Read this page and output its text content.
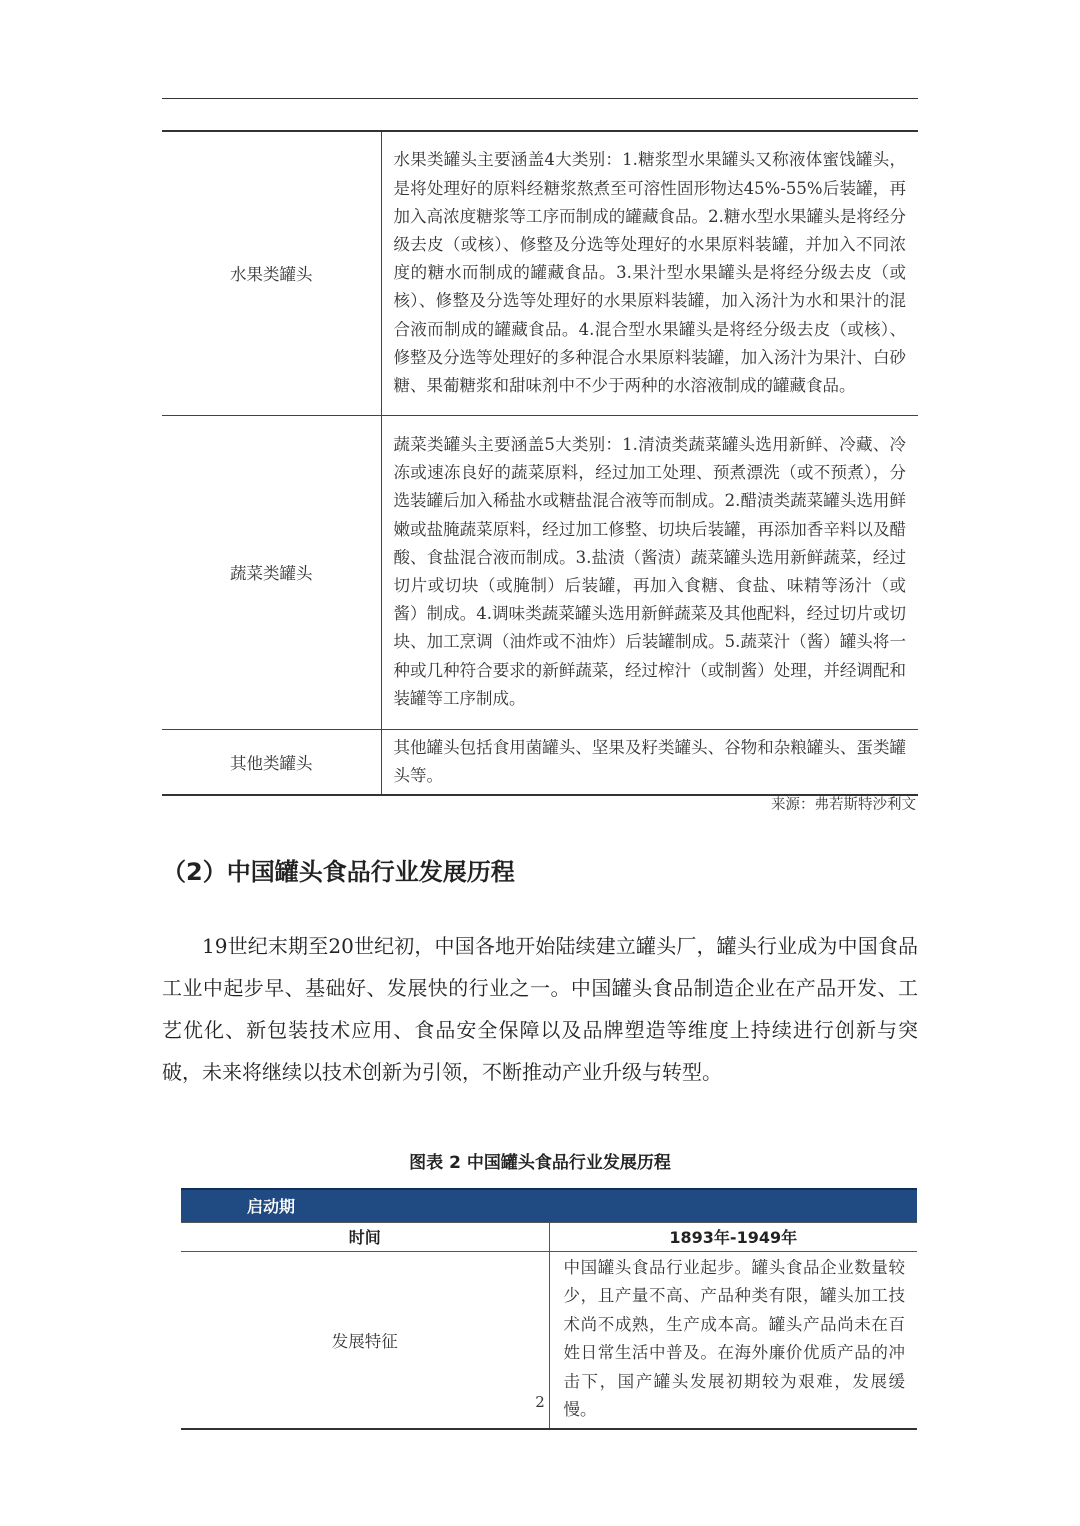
水果类罐头	水果类罐头主要涵盖4大类别：1.糖浆型水果罐头又称液体蜜饯罐头，是将处理好的原料经糖浆熬煮至可溶性固形物达45%-55%后装罐，再加入高浓度糖浆等工序而制成的罐藏食品。2.糖水型水果罐头是将经分级去皮（或核）、修整及分选等处理好的水果原料装罐，并加入不同浓度的糖水而制成的罐藏食品。3.果汁型水果罐头是将经分级去皮（或核）、修整及分选等处理好的水果原料装罐，加入汤汁为水和果汁的混合液而制成的罐藏食品。4.混合型水果罐头是将经分级去皮（或核）、修整及分选等处理好的多种混合水果原料装罐，加入汤汁为果汁、白砂糖、果葡糖浆和甜味剂中不少于两种的水溶液制成的罐藏食品。
蔬菜类罐头	蔬菜类罐头主要涵盖5大类别：1.清渍类蔬菜罐头选用新鲜、冷藏、冷冻或速冻良好的蔬菜原料，经过加工处理、预煮漂洗（或不预煮），分选装罐后加入稀盐水或糖盐混合液等而制成。2.醋渍类蔬菜罐头选用鲜嫩或盐腌蔬菜原料，经过加工修整、切块后装罐，再添加香辛料以及醋酸、食盐混合液而制成。3.盐渍（酱渍）蔬菜罐头选用新鲜蔬菜，经过切片或切块（或腌制）后装罐，再加入食糖、食盐、味精等汤汁（或酱）制成。4.调味类蔬菜罐头选用新鲜蔬菜及其他配料，经过切片或切块、加工烹调（油炸或不油炸）后装罐制成。5.蔬菜汁（酱）罐头将一种或几种符合要求的新鲜蔬菜，经过榨汁（或制酱）处理，并经调配和装罐等工序制成。
其他类罐头	其他罐头包括食用菌罐头、坚果及籽类罐头、谷物和杂粮罐头、蛋类罐头等。
来源：弗若斯特沙利文
（2）中国罐头食品行业发展历程

19世纪末期至20世纪初，中国各地开始陆续建立罐头厂，罐头行业成为中国食品工业中起步早、基础好、发展快的行业之一。中国罐头食品制造企业在产品开发、工艺优化、新包装技术应用、食品安全保障以及品牌塑造等维度上持续进行创新与突破，未来将继续以技术创新为引领，不断推动产业升级与转型。

图表 2 中国罐头食品行业发展历程
启动期	
时间	1893年-1949年
发展特征	中国罐头食品行业起步。罐头食品企业数量较少，且产量不高、产品种类有限，罐头加工技术尚不成熟，生产成本高。罐头产品尚未在百姓日常生活中普及。在海外廉价优质产品的冲击下，国产罐头发展初期较为艰难，发展缓慢。
2
